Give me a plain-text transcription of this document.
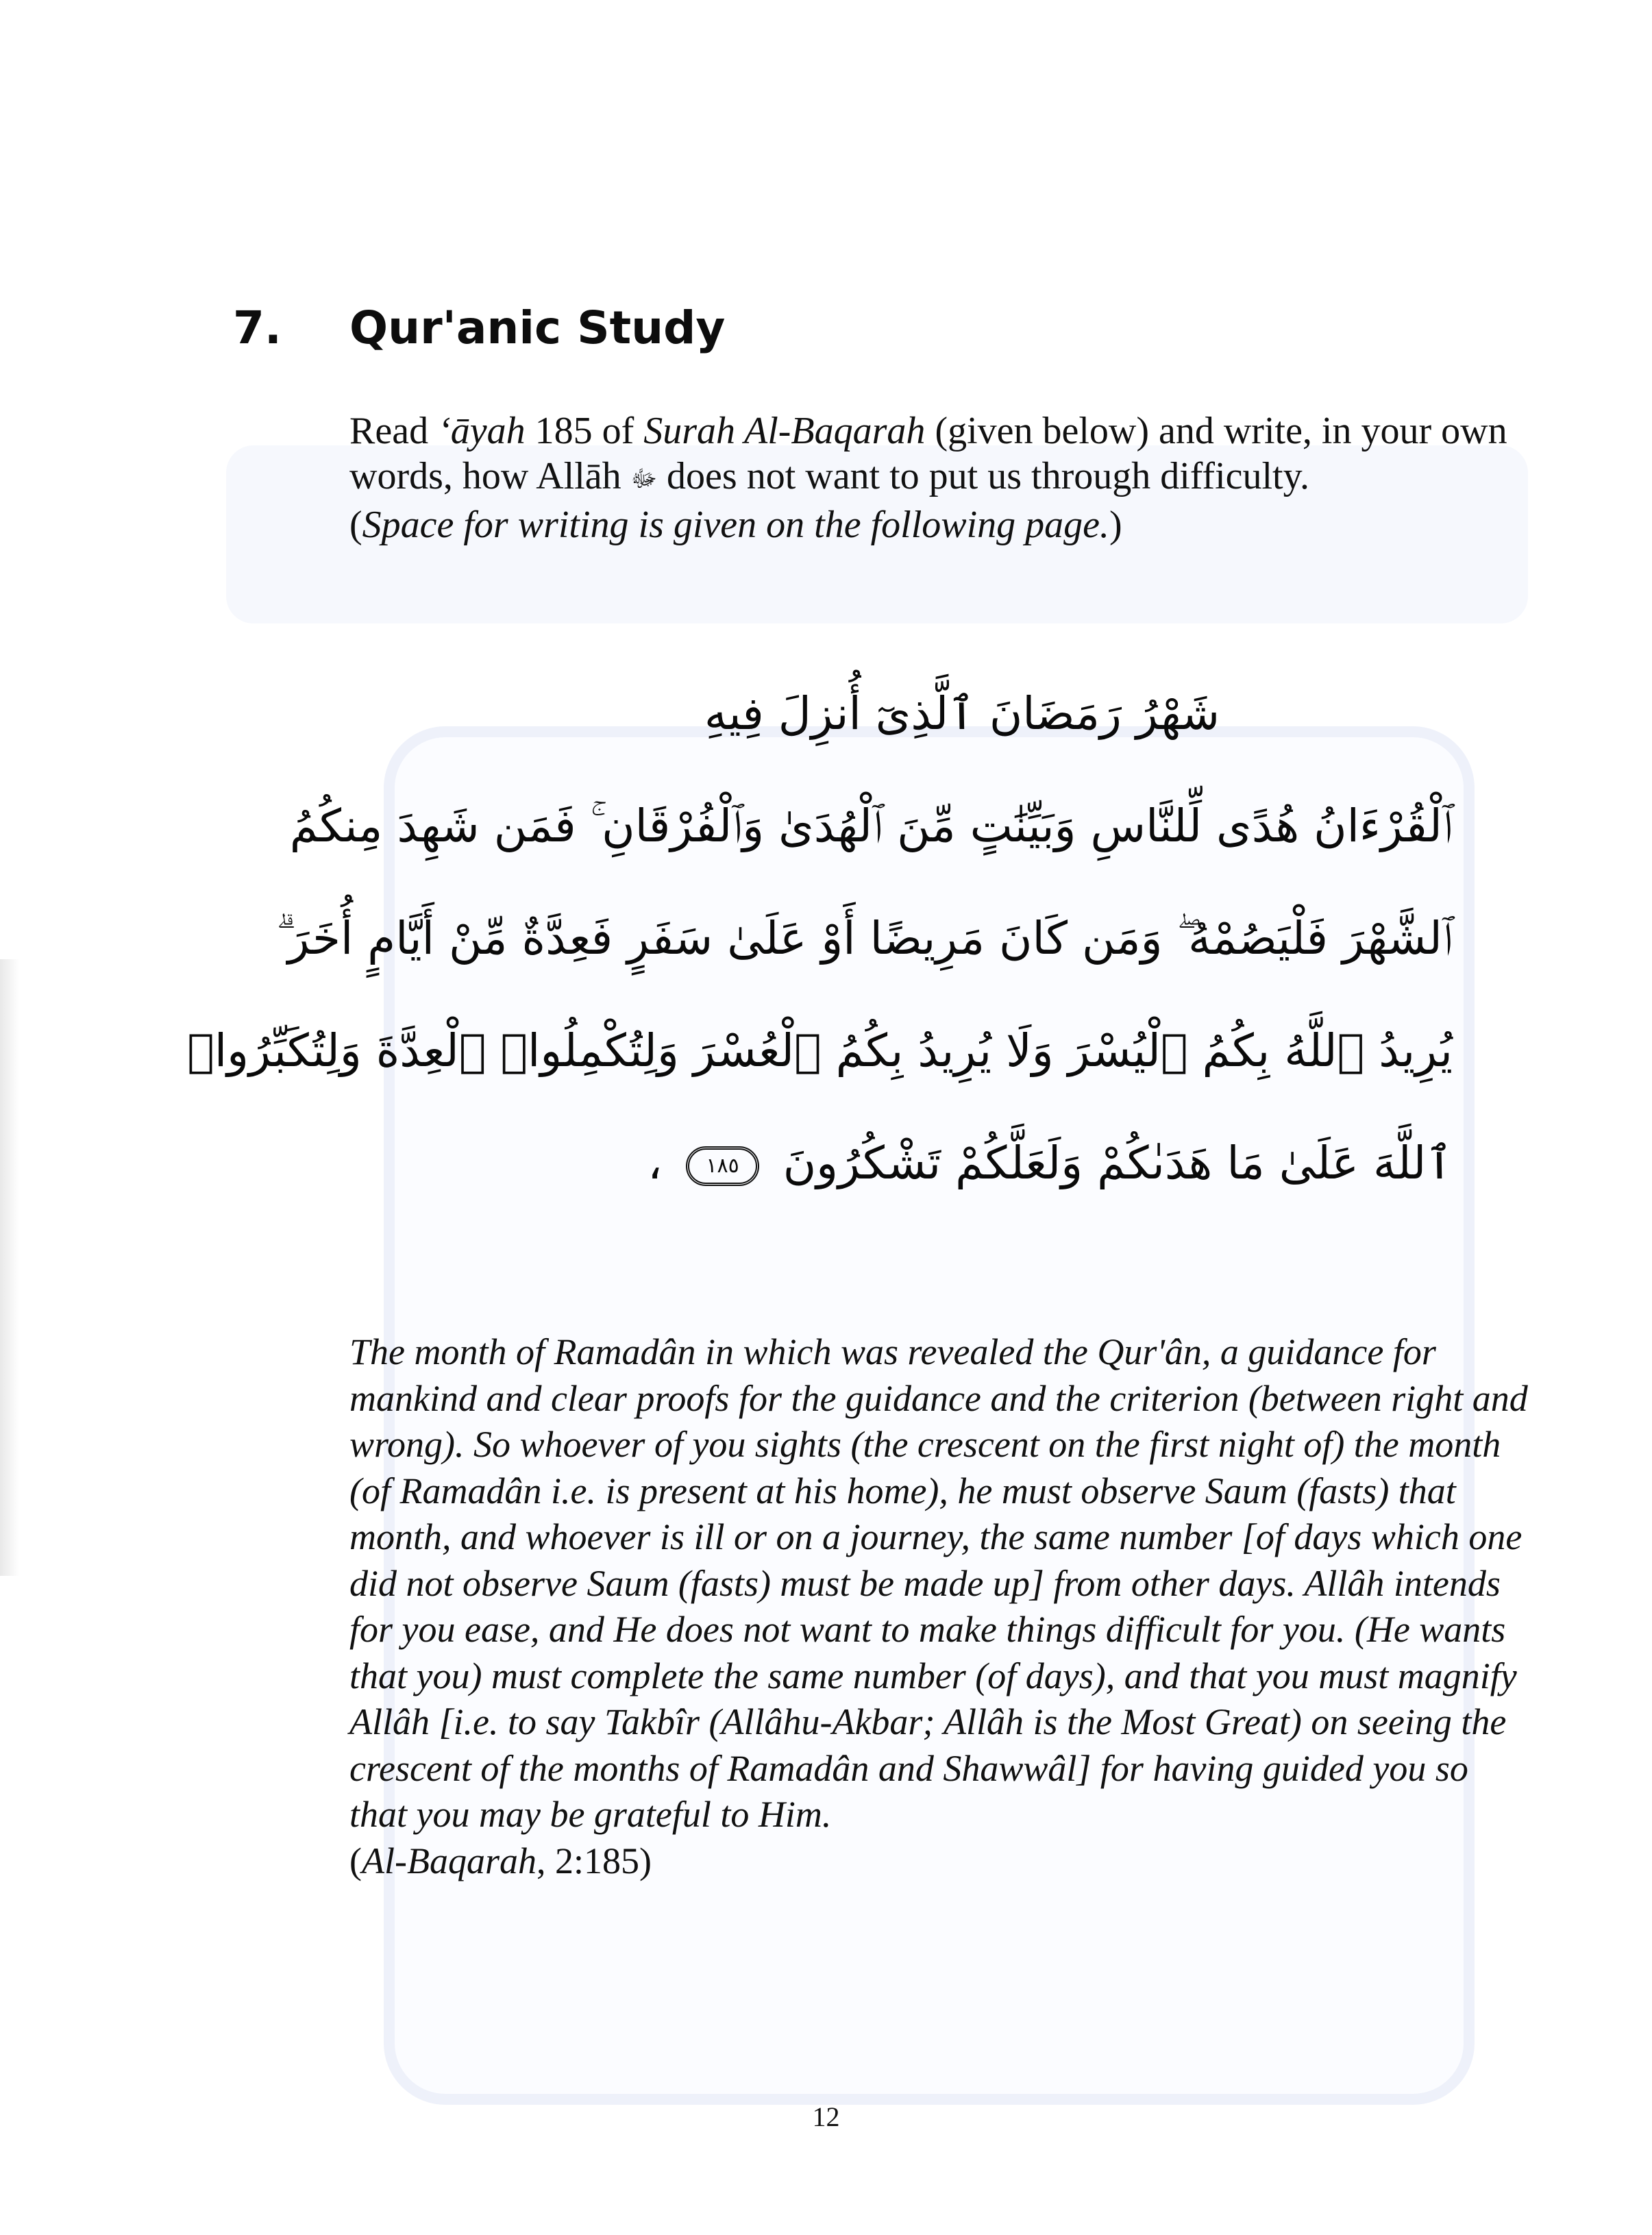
7.	Qur'anic Study
Read ‘āyah 185 of Surah Al-Baqarah (given below) and write, in your own words, how Allāh ﷻ does not want to put us through difficulty.
(Space for writing is given on the following page.)
شَهْرُ رَمَضَانَ ٱلَّذِىٓ أُنزِلَ فِيهِ
ٱلْقُرْءَانُ هُدًى لِّلنَّاسِ وَبَيِّنَٰتٍ مِّنَ ٱلْهُدَىٰ وَٱلْفُرْقَانِ ۚ فَمَن شَهِدَ مِنكُمُ
ٱلشَّهْرَ فَلْيَصُمْهُ ۖ وَمَن كَانَ مَرِيضًا أَوْ عَلَىٰ سَفَرٍ فَعِدَّةٌ مِّنْ أَيَّامٍ أُخَرَ ۗ
يُرِيدُ ٱللَّهُ بِكُمُ ٱلْيُسْرَ وَلَا يُرِيدُ بِكُمُ ٱلْعُسْرَ وَلِتُكْمِلُوا۟ ٱلْعِدَّةَ وَلِتُكَبِّرُوا۟
ٱللَّهَ عَلَىٰ مَا هَدَىٰكُمْ وَلَعَلَّكُمْ تَشْكُرُونَ ١٨٥ ،

The month of Ramadân in which was revealed the Qur'ân, a guidance for mankind and clear proofs for the guidance and the criterion (between right and wrong). So whoever of you sights (the crescent on the first night of) the month (of Ramadân i.e. is present at his home), he must observe Saum (fasts) that month, and whoever is ill or on a journey, the same number [of days which one did not observe Saum (fasts) must be made up] from other days. Allâh intends for you ease, and He does not want to make things difficult for you. (He wants that you) must complete the same number (of days), and that you must magnify Allâh [i.e. to say Takbîr (Allâhu-Akbar; Allâh is the Most Great) on seeing the crescent of the months of Ramadân and Shawwâl] for having guided you so that you may be grateful to Him.

(Al-Baqarah, 2:185)

12
